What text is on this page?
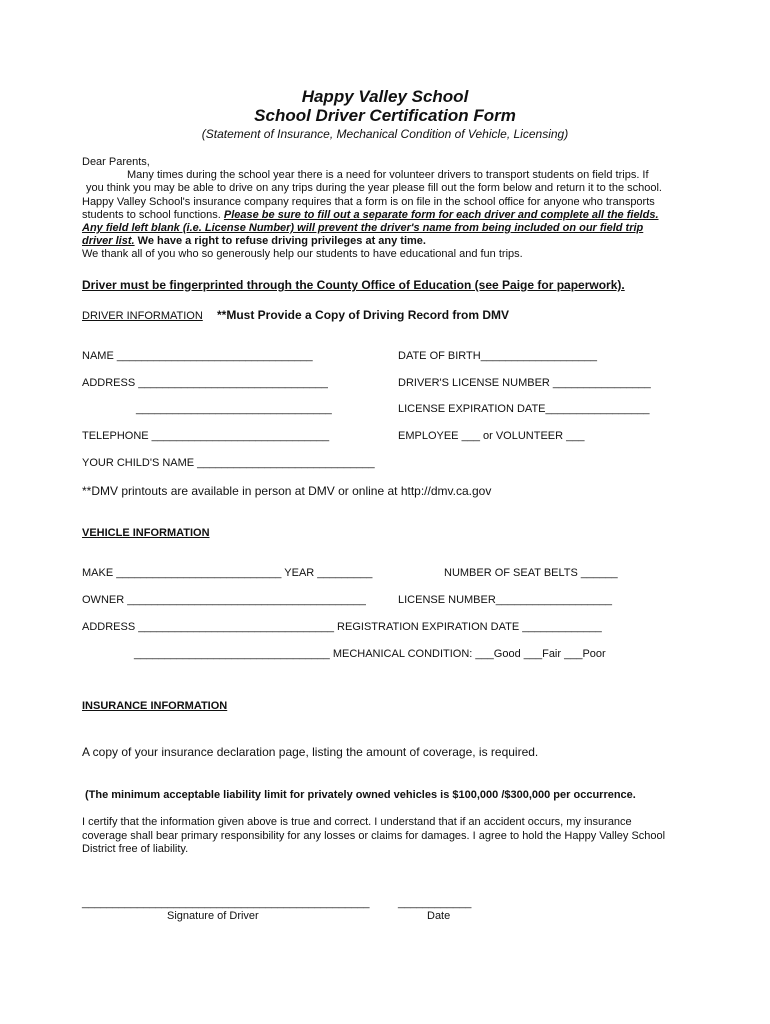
Happy Valley School
School Driver Certification Form
(Statement of Insurance, Mechanical Condition of Vehicle, Licensing)

Dear Parents,

Many times during the school year there is a need for volunteer drivers to transport students on field trips. If

you think you may be able to drive on any trips during the year please fill out the form below and return it to the school.

Happy Valley School's insurance company requires that a form is on file in the school office for anyone who transports

students to school functions. Please be sure to fill out a separate form for each driver and complete all the fields.

Any field left blank (i.e. License Number) will prevent the driver's name from being included on our field trip

driver list. We have a right to refuse driving privileges at any time.

We thank all of you who so generously help our students to have educational and fun trips.

Driver must be fingerprinted through the County Office of Education (see Paige for paperwork).
DRIVER INFORMATION **Must Provide a Copy of Driving Record from DMV
NAME ________________________________	DATE OF BIRTH___________________
ADDRESS _______________________________	DRIVER'S LICENSE NUMBER ________________
________________________________	LICENSE EXPIRATION DATE_________________
TELEPHONE _____________________________	EMPLOYEE ___ or VOLUNTEER ___
YOUR CHILD'S NAME _____________________________
**DMV printouts are available in person at DMV or online at http://dmv.ca.gov
VEHICLE INFORMATION
MAKE ___________________________ YEAR _________	NUMBER OF SEAT BELTS ______
OWNER _______________________________________	LICENSE NUMBER___________________
ADDRESS ________________________________ REGISTRATION EXPIRATION DATE _____________
________________________________ MECHANICAL CONDITION: ___Good ___Fair ___Poor
INSURANCE INFORMATION
A copy of your insurance declaration page, listing the amount of coverage, is required.
(The minimum acceptable liability limit for privately owned vehicles is $100,000 /$300,000 per occurrence.
I certify that the information given above is true and correct. I understand that if an accident occurs, my insurance
coverage shall bear primary responsibility for any losses or claims for damages. I agree to hold the Happy Valley School
District free of liability.
_______________________________________________
Signature of Driver
____________
Date
